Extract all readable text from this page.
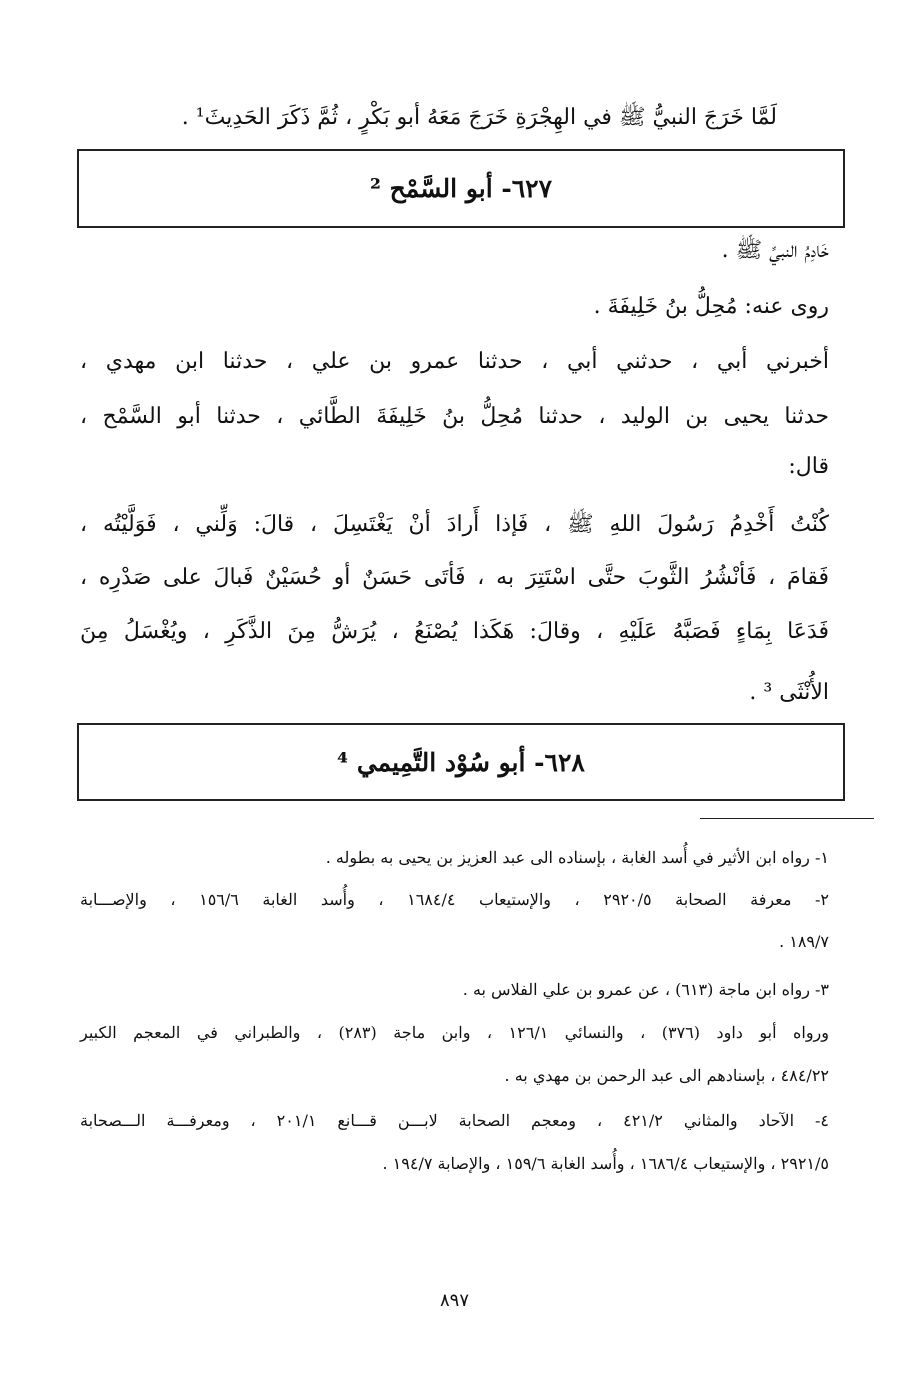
لَمَّا خَرَجَ النبيُّ ﷺ في الهِجْرَةِ خَرَجَ مَعَهُ أبو بَكْرٍ ، ثُمَّ ذَكَرَ الحَدِيثَ¹ .
٦٢٧- أبو السَّمْح ²
خَادِمُ النبيِّ ﷺ .
روى عنه: مُحِلُّ بنُ خَلِيفَةَ .
أخبرني أبي ، حدثني أبي ، حدثنا عمرو بن علي ، حدثنا ابن مهدي ،
حدثنا يحيى بن الوليد ، حدثنا مُحِلُّ بنُ خَلِيفَةَ الطَّائي ، حدثنا أبو السَّمْح ،
قال:
كُنْتُ أَخْدِمُ رَسُولَ اللهِ ﷺ ، فَإذا أَرادَ أنْ يَغْتَسِلَ ، قالَ: وَلِّني ، فَوَلَّيْتُه ،
فَقامَ ، فَأنْشُرُ الثَّوبَ حتَّى اسْتَتِرَ به ، فَأتَى حَسَنٌ أو حُسَيْنٌ فَبالَ على صَدْرِه ،
فَدَعَا بِمَاءٍ فَصَبَّهُ عَلَيْهِ ، وقالَ: هَكَذا يُصْنَعُ ، يُرَشُّ مِنَ الذَّكَرِ ، ويُغْسَلُ مِنَ
الأُنْثَى ³ .
٦٢٨- أبو سُوْد التَّمِيمي ⁴
١- رواه ابن الأثير في أُسد الغابة ، بإسناده الى عبد العزيز بن يحيى به بطوله .
٢- معرفة الصحابة ٢٩٢٠/٥ ، والإستيعاب ١٦٨٤/٤ ، وأُسد الغابة ١٥٦/٦ ، والإصـــابة
١٨٩/٧ .
٣- رواه ابن ماجة (٦١٣) ، عن عمرو بن علي الفلاس به .
ورواه أبو داود (٣٧٦) ، والنسائي ١٢٦/١ ، وابن ماجة (٢٨٣) ، والطبراني في المعجم الكبير
٤٨٤/٢٢ ، بإسنادهم الى عبد الرحمن بن مهدي به .
٤- الآحاد والمثاني ٤٢١/٢ ، ومعجم الصحابة لابـــن قـــانع ٢٠١/١ ، ومعرفـــة الـــصحابة
٢٩٢١/٥ ، والإستيعاب ١٦٨٦/٤ ، وأُسد الغابة ١٥٩/٦ ، والإصابة ١٩٤/٧ .
٨٩٧
